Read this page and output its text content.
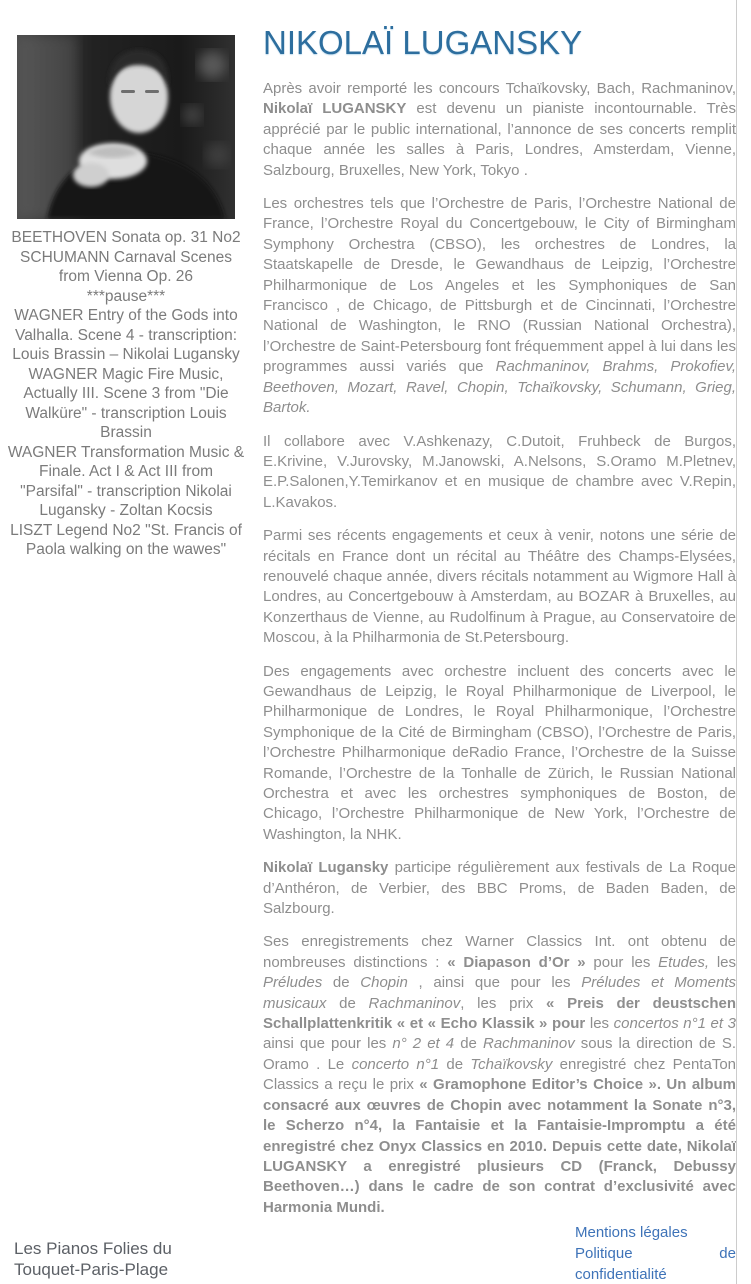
BEETHOVEN Sonata op. 31 No2
SCHUMANN Carnaval Scenes from Vienna Op. 26
***pause***
WAGNER Entry of the Gods into Valhalla. Scene 4 - transcription: Louis Brassin – Nikolai Lugansky
WAGNER Magic Fire Music, Actually III. Scene 3 from "Die Walküre" - transcription Louis Brassin
WAGNER Transformation Music & Finale. Act I & Act III from "Parsifal" - transcription Nikolai Lugansky - Zoltan Kocsis
LISZT Legend No2 "St. Francis of Paola walking on the wawes"
NIKOLAÏ LUGANSKY

Après avoir remporté les concours Tchaïkovsky, Bach, Rachmaninov, Nikolaï LUGANSKY est devenu un pianiste incontournable. Très apprécié par le public international, l’annonce de ses concerts remplit chaque année les salles à Paris, Londres, Amsterdam, Vienne, Salzbourg, Bruxelles, New York, Tokyo .

Les orchestres tels que l’Orchestre de Paris, l’Orchestre National de France, l’Orchestre Royal du Concertgebouw, le City of Birmingham Symphony Orchestra (CBSO), les orchestres de Londres, la Staatskapelle de Dresde, le Gewandhaus de Leipzig, l’Orchestre Philharmonique de Los Angeles et les Symphoniques de San Francisco , de Chicago, de Pittsburgh et de Cincinnati, l’Orchestre National de Washington, le RNO (Russian National Orchestra), l’Orchestre de Saint-Petersbourg font fréquemment appel à lui dans les programmes aussi variés que Rachmaninov, Brahms, Prokofiev, Beethoven, Mozart, Ravel, Chopin, Tchaïkovsky, Schumann, Grieg, Bartok.

Il collabore avec V.Ashkenazy, C.Dutoit, Fruhbeck de Burgos, E.Krivine, V.Jurovsky, M.Janowski, A.Nelsons, S.Oramo M.Pletnev, E.P.Salonen,Y.Temirkanov et en musique de chambre avec V.Repin, L.Kavakos.

Parmi ses récents engagements et ceux à venir, notons une série de récitals en France dont un récital au Théâtre des Champs-Elysées, renouvelé chaque année, divers récitals notamment au Wigmore Hall à Londres, au Concertgebouw à Amsterdam, au BOZAR à Bruxelles, au Konzerthaus de Vienne, au Rudolfinum à Prague, au Conservatoire de Moscou, à la Philharmonia de St.Petersbourg.

Des engagements avec orchestre incluent des concerts avec le Gewandhaus de Leipzig, le Royal Philharmonique de Liverpool, le Philharmonique de Londres, le Royal Philharmonique, l’Orchestre Symphonique de la Cité de Birmingham (CBSO), l’Orchestre de Paris, l’Orchestre Philharmonique deRadio France, l’Orchestre de la Suisse Romande, l’Orchestre de la Tonhalle de Zürich, le Russian National Orchestra et avec les orchestres symphoniques de Boston, de Chicago, l’Orchestre Philharmonique de New York, l’Orchestre de Washington, la NHK.

Nikolaï Lugansky participe régulièrement aux festivals de La Roque d’Anthéron, de Verbier, des BBC Proms, de Baden Baden, de Salzbourg.

Ses enregistrements chez Warner Classics Int. ont obtenu de nombreuses distinctions : « Diapason d’Or » pour les Etudes, les Préludes de Chopin , ainsi que pour les Préludes et Moments musicaux de Rachmaninov, les prix « Preis der deustschen Schallplattenkritik « et « Echo Klassik » pour les concertos n°1 et 3 ainsi que pour les n° 2 et 4 de Rachmaninov sous la direction de S. Oramo . Le concerto n°1 de Tchaïkovsky enregistré chez PentaTon Classics a reçu le prix « Gramophone Editor’s Choice ». Un album consacré aux œuvres de Chopin avec notamment la Sonate n°3, le Scherzo n°4, la Fantaisie et la Fantaisie-Impromptu a été enregistré chez Onyx Classics en 2010. Depuis cette date, Nikolaï LUGANSKY a enregistré plusieurs CD (Franck, Debussy Beethoven…) dans le cadre de son contrat d’exclusivité avec Harmonia Mundi.

Les Pianos Folies du Touquet-Paris-Plage
Mentions légales
Politique de confidentialité
